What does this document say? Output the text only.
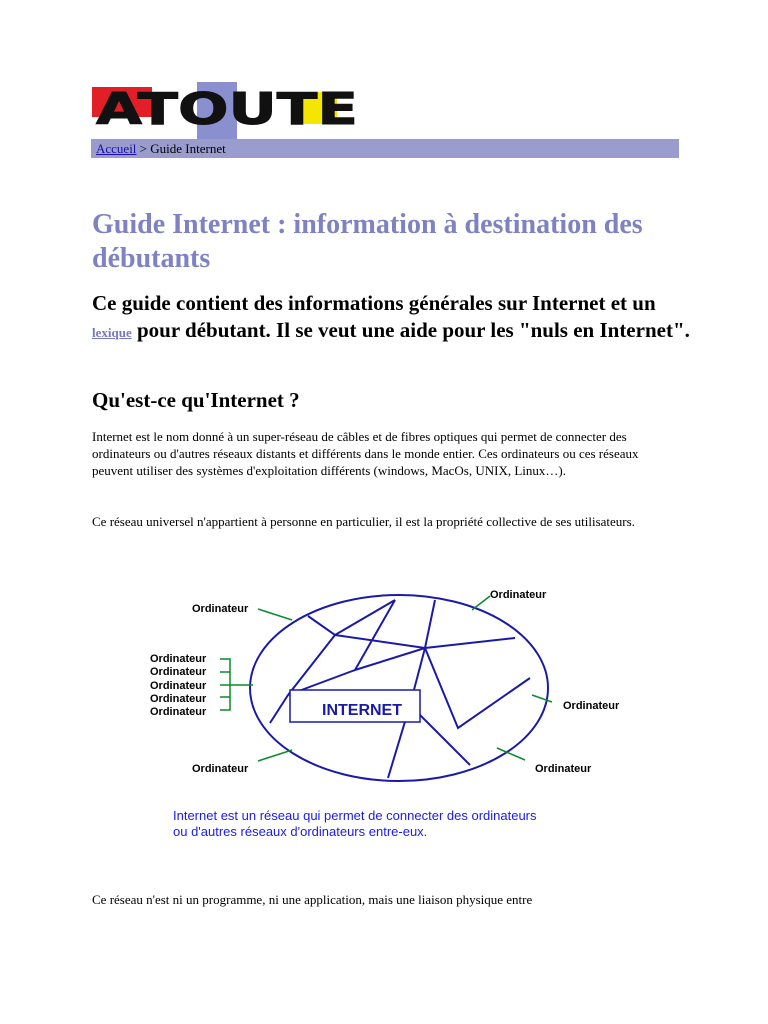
ATOUTE
Accueil > Guide Internet
Guide Internet : information à destination des débutants

Ce guide contient des informations générales sur Internet et un lexique pour débutant. Il se veut une aide pour les "nuls en Internet".

Qu'est-ce qu'Internet ?

Internet est le nom donné à un super-réseau de câbles et de fibres optiques qui permet de connecter des ordinateurs ou d'autres réseaux distants et différents dans le monde entier. Ces ordinateurs ou ces réseaux peuvent utiliser des systèmes d'exploitation différents (windows, MacOs, UNIX, Linux…).

Ce réseau universel n'appartient à personne en particulier, il est la propriété collective de ses utilisateurs.

INTERNET
Ordinateur
Ordinateur
Ordinateur
Ordinateur
Ordinateur
Ordinateur
Ordinateur	Ordinateur
Ordinateur	Ordinateur
Internet est un réseau qui permet de connecter des ordinateurs
ou d'autres réseaux d'ordinateurs entre-eux.

Ce réseau n'est ni un programme, ni une application, mais une liaison physique entre
